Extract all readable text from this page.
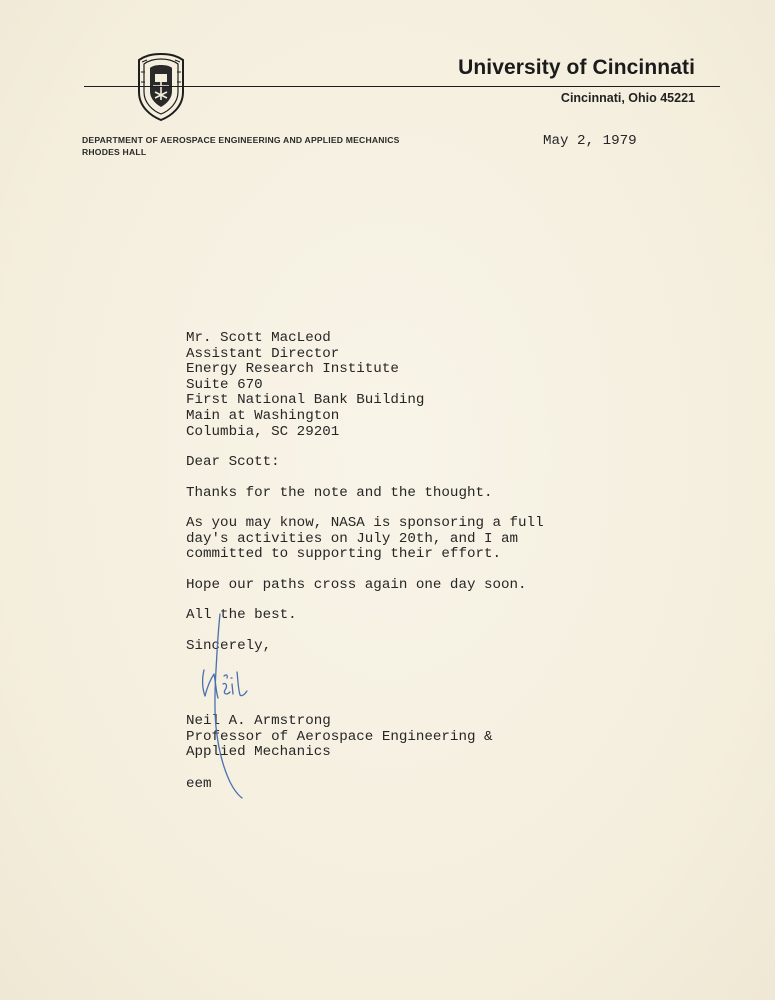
University of Cincinnati
Cincinnati, Ohio 45221
DEPARTMENT OF AEROSPACE ENGINEERING AND APPLIED MECHANICS
RHODES HALL
May 2, 1979
Mr. Scott MacLeod
Assistant Director
Energy Research Institute
Suite 670
First National Bank Building
Main at Washington
Columbia, SC 29201
Dear Scott:
Thanks for the note and the thought.
As you may know, NASA is sponsoring a full
day's activities on July 20th, and I am
committed to supporting their effort.
Hope our paths cross again one day soon.
All the best.
Sincerely,
Neil A. Armstrong
Professor of Aerospace Engineering &
Applied Mechanics
eem
